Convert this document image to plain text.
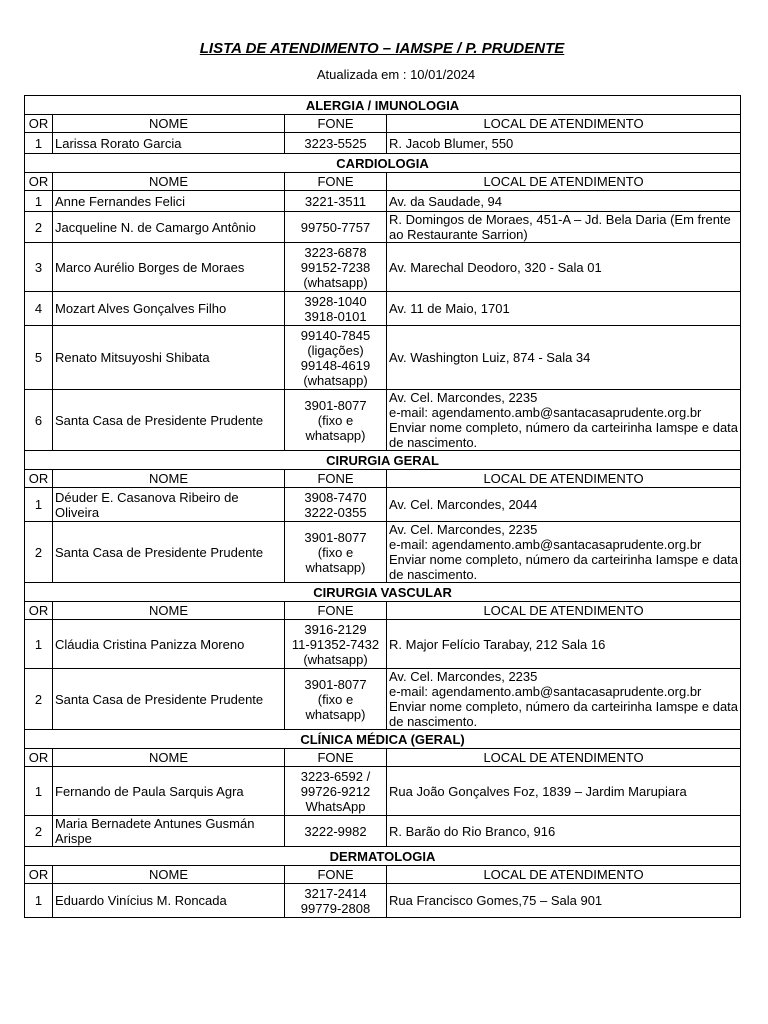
LISTA DE ATENDIMENTO – IAMSPE / P. PRUDENTE
Atualizada em : 10/01/2024
ALERGIA / IMUNOLOGIA			
OR	NOME	FONE	LOCAL DE ATENDIMENTO
1	Larissa Rorato Garcia	3223-5525	R. Jacob Blumer, 550
CARDIOLOGIA			
OR	NOME	FONE	LOCAL DE ATENDIMENTO
1	Anne Fernandes Felici	3221-3511	Av. da Saudade, 94
2	Jacqueline N. de Camargo Antônio	99750-7757	R. Domingos de Moraes, 451-A – Jd. Bela Daria (Em frente ao Restaurante Sarrion)
3	Marco Aurélio Borges de Moraes	3223-6878
99152-7238
(whatsapp)	Av. Marechal Deodoro, 320 - Sala 01
4	Mozart Alves Gonçalves Filho	3928-1040
3918-0101	Av. 11 de Maio, 1701
5	Renato Mitsuyoshi Shibata	99140-7845
(ligações)
99148-4619
(whatsapp)	Av. Washington Luiz, 874 - Sala 34
6	Santa Casa de Presidente Prudente	3901-8077
(fixo e
whatsapp)	Av. Cel. Marcondes, 2235
e-mail: agendamento.amb@santacasaprudente.org.br
Enviar nome completo, número da carteirinha Iamspe e data de nascimento.
CIRURGIA GERAL			
OR	NOME	FONE	LOCAL DE ATENDIMENTO
1	Déuder E. Casanova Ribeiro de Oliveira	3908-7470
3222-0355	Av. Cel. Marcondes, 2044
2	Santa Casa de Presidente Prudente	3901-8077
(fixo e
whatsapp)	Av. Cel. Marcondes, 2235
e-mail: agendamento.amb@santacasaprudente.org.br
Enviar nome completo, número da carteirinha Iamspe e data de nascimento.
CIRURGIA VASCULAR			
OR	NOME	FONE	LOCAL DE ATENDIMENTO
1	Cláudia Cristina Panizza Moreno	3916-2129
11-91352-7432
(whatsapp)	R. Major Felício Tarabay, 212 Sala 16
2	Santa Casa de Presidente Prudente	3901-8077
(fixo e
whatsapp)	Av. Cel. Marcondes, 2235
e-mail: agendamento.amb@santacasaprudente.org.br
Enviar nome completo, número da carteirinha Iamspe e data de nascimento.
CLÍNICA MÉDICA (GERAL)			
OR	NOME	FONE	LOCAL DE ATENDIMENTO
1	Fernando de Paula Sarquis Agra	3223-6592 /
99726-9212
WhatsApp	Rua João Gonçalves Foz, 1839 – Jardim Marupiara
2	Maria Bernadete Antunes Gusmán Arispe	3222-9982	R. Barão do Rio Branco, 916
DERMATOLOGIA			
OR	NOME	FONE	LOCAL DE ATENDIMENTO
1	Eduardo Vinícius M. Roncada	3217-2414
99779-2808	Rua Francisco Gomes,75 – Sala 901
